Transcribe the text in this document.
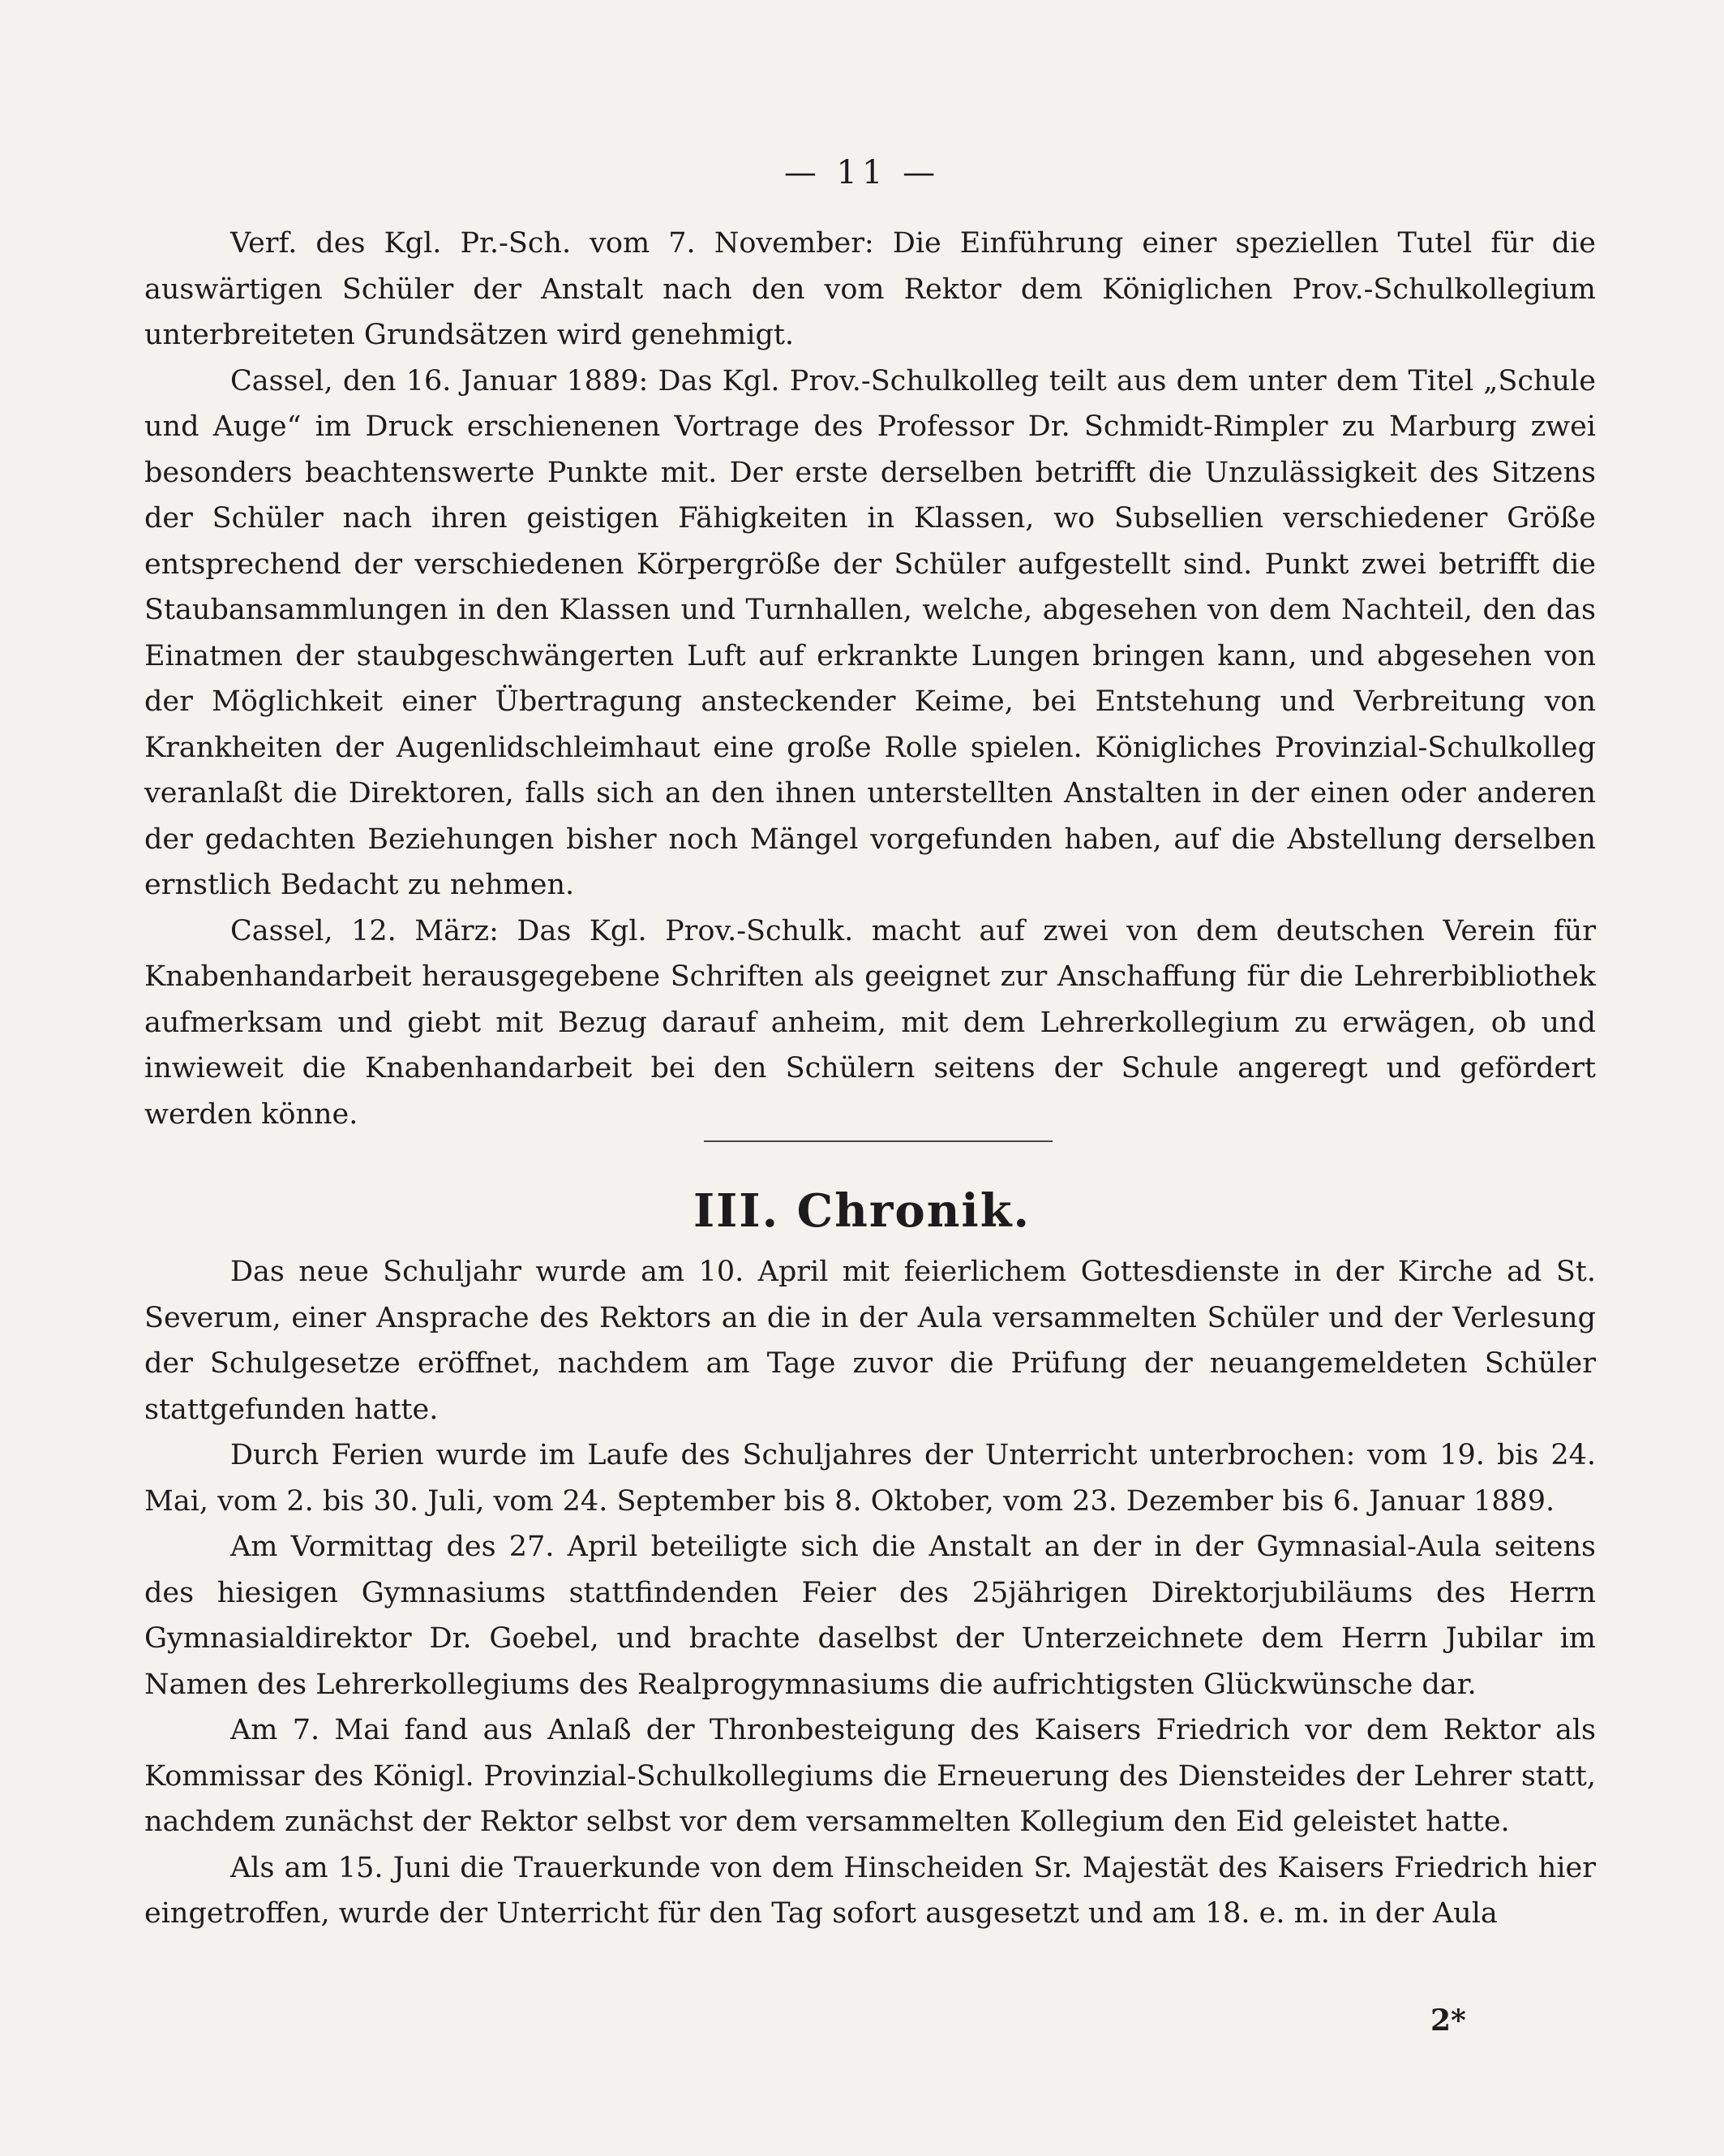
— 11 —

Verf. des Kgl. Pr.-Sch. vom 7. November: Die Einführung einer speziellen Tutel für die auswärtigen Schüler der Anstalt nach den vom Rektor dem Königlichen Prov.-Schulkollegium unterbreiteten Grundsätzen wird genehmigt.

Cassel, den 16. Januar 1889: Das Kgl. Prov.-Schulkolleg teilt aus dem unter dem Titel „Schule und Auge“ im Druck erschienenen Vortrage des Professor Dr. Schmidt-Rimpler zu Marburg zwei besonders beachtenswerte Punkte mit. Der erste derselben betrifft die Unzulässigkeit des Sitzens der Schüler nach ihren geistigen Fähigkeiten in Klassen, wo Subsellien verschiedener Größe entsprechend der verschiedenen Körpergröße der Schüler aufgestellt sind. Punkt zwei betrifft die Staubansammlungen in den Klassen und Turnhallen, welche, abgesehen von dem Nachteil, den das Einatmen der staubgeschwängerten Luft auf erkrankte Lungen bringen kann, und abgesehen von der Möglichkeit einer Übertragung ansteckender Keime, bei Entstehung und Verbreitung von Krankheiten der Augenlidschleimhaut eine große Rolle spielen. Königliches Provinzial-Schulkolleg veranlaßt die Direktoren, falls sich an den ihnen unterstellten Anstalten in der einen oder anderen der gedachten Beziehungen bisher noch Mängel vorgefunden haben, auf die Abstellung derselben ernstlich Bedacht zu nehmen.

Cassel, 12. März: Das Kgl. Prov.-Schulk. macht auf zwei von dem deutschen Verein für Knabenhandarbeit herausgegebene Schriften als geeignet zur Anschaffung für die Lehrerbibliothek aufmerksam und giebt mit Bezug darauf anheim, mit dem Lehrerkollegium zu erwägen, ob und inwieweit die Knabenhandarbeit bei den Schülern seitens der Schule angeregt und gefördert werden könne.

III. Chronik.

Das neue Schuljahr wurde am 10. April mit feierlichem Gottesdienste in der Kirche ad St. Severum, einer Ansprache des Rektors an die in der Aula versammelten Schüler und der Verlesung der Schulgesetze eröffnet, nachdem am Tage zuvor die Prüfung der neuangemeldeten Schüler stattgefunden hatte.

Durch Ferien wurde im Laufe des Schuljahres der Unterricht unterbrochen: vom 19. bis 24. Mai, vom 2. bis 30. Juli, vom 24. September bis 8. Oktober, vom 23. Dezember bis 6. Januar 1889.

Am Vormittag des 27. April beteiligte sich die Anstalt an der in der Gymnasial-Aula seitens des hiesigen Gymnasiums stattfindenden Feier des 25jährigen Direktorjubiläums des Herrn Gymnasialdirektor Dr. Goebel, und brachte daselbst der Unterzeichnete dem Herrn Jubilar im Namen des Lehrerkollegiums des Realprogymnasiums die aufrichtigsten Glückwünsche dar.

Am 7. Mai fand aus Anlaß der Thronbesteigung des Kaisers Friedrich vor dem Rektor als Kommissar des Königl. Provinzial-Schulkollegiums die Erneuerung des Diensteides der Lehrer statt, nachdem zunächst der Rektor selbst vor dem versammelten Kollegium den Eid geleistet hatte.

Als am 15. Juni die Trauerkunde von dem Hinscheiden Sr. Majestät des Kaisers Friedrich hier eingetroffen, wurde der Unterricht für den Tag sofort ausgesetzt und am 18. e. m. in der Aula

2*
